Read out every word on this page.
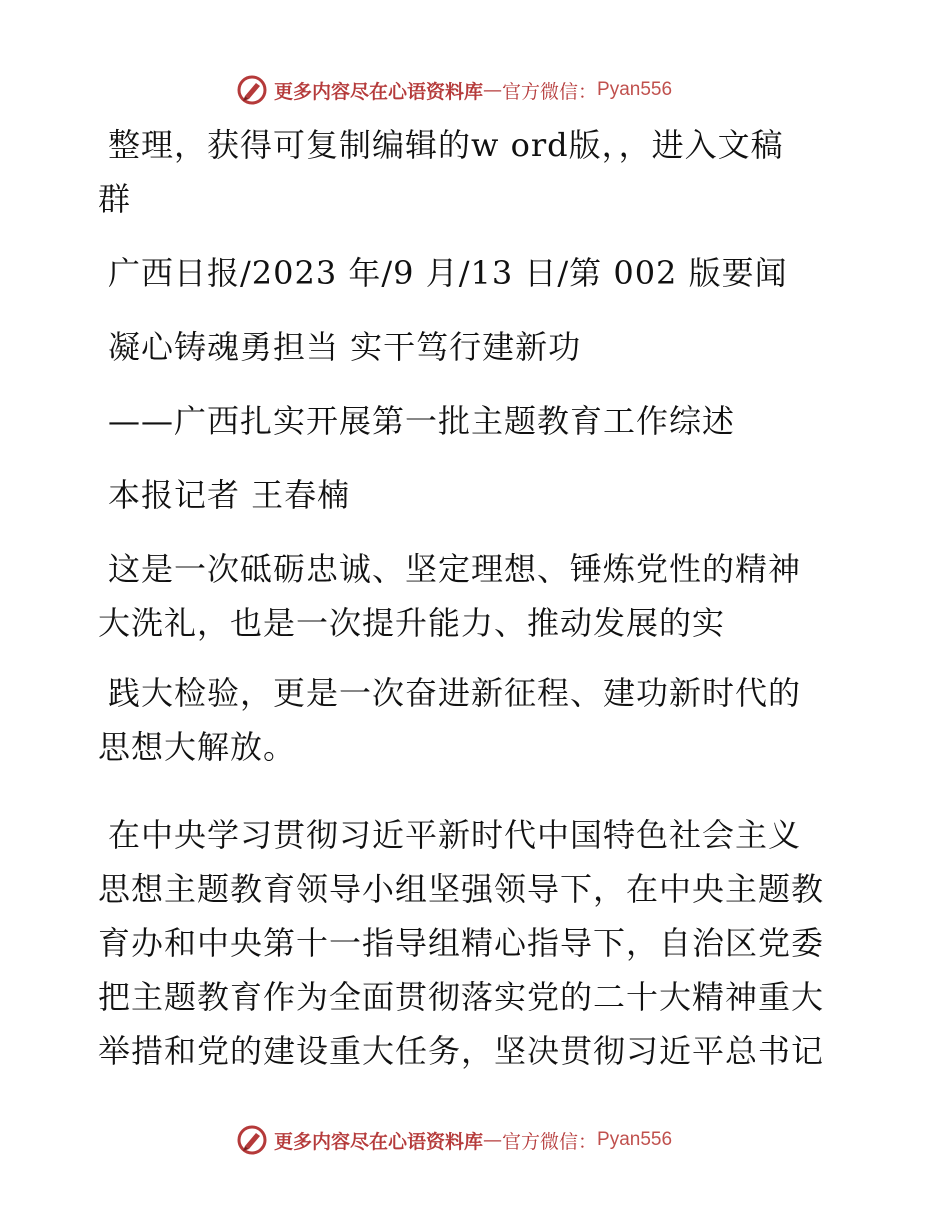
更多内容尽在心语资料库 — 官方微信： Pyan556
整理，获得可复制编辑的w ord版，，进入文稿
群
广西日报/2023 年/9 月/13 日/第 002 版要闻
凝心铸魂勇担当 实干笃行建新功
——广西扎实开展第一批主题教育工作综述
本报记者 王春楠
这是一次砥砺忠诚、坚定理想、锤炼党性的精神
大洗礼，也是一次提升能力、推动发展的实
践大检验，更是一次奋进新征程、建功新时代的
思想大解放。
在中央学习贯彻习近平新时代中国特色社会主义
思想主题教育领导小组坚强领导下，在中央主题教
育办和中央第十一指导组精心指导下，自治区党委
把主题教育作为全面贯彻落实党的二十大精神重大
举措和党的建设重大任务，坚决贯彻习近平总书记
更多内容尽在心语资料库 — 官方微信： Pyan556
